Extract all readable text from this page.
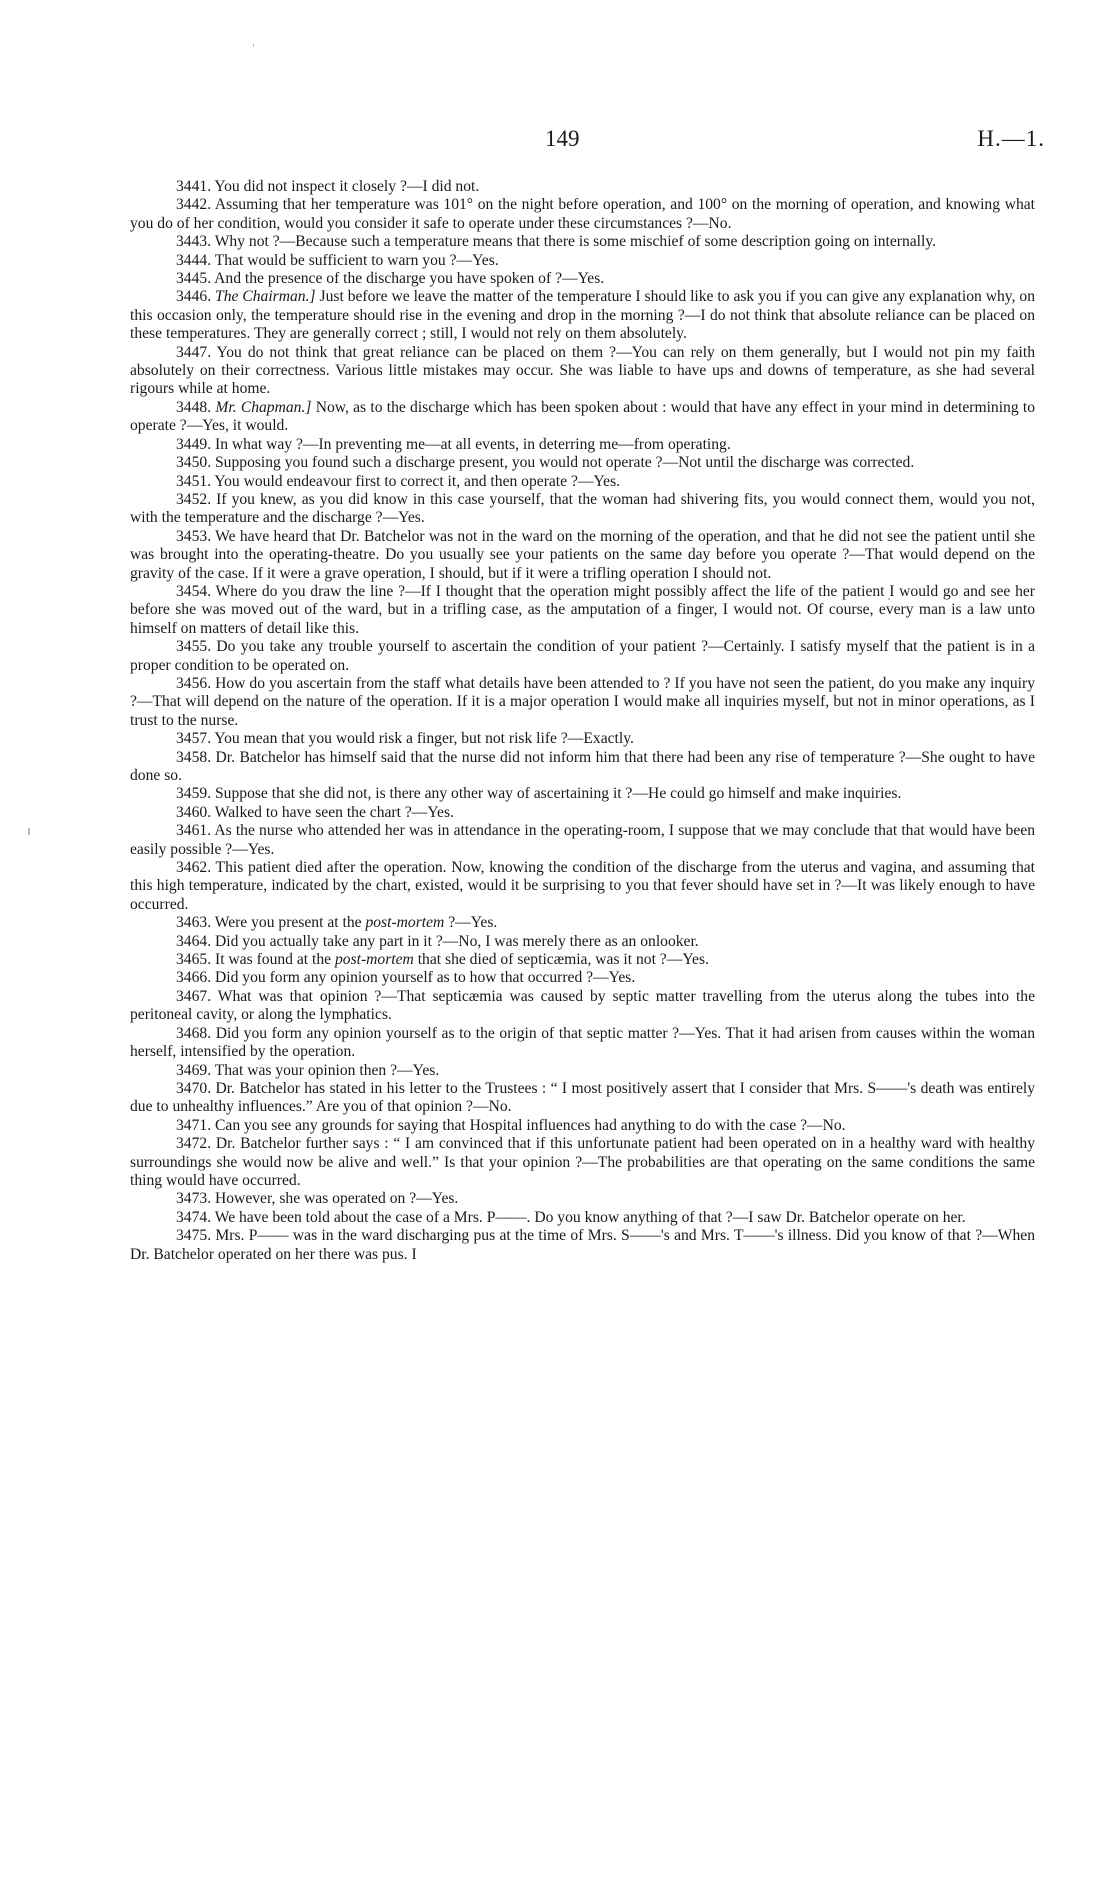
149	H.—1.

3441. You did not inspect it closely ?—I did not.

3442. Assuming that her temperature was 101° on the night before operation, and 100° on the morning of operation, and knowing what you do of her condition, would you consider it safe to operate under these circumstances ?—No.

3443. Why not ?—Because such a temperature means that there is some mischief of some description going on internally.

3444. That would be sufficient to warn you ?—Yes.

3445. And the presence of the discharge you have spoken of ?—Yes.

3446. The Chairman.] Just before we leave the matter of the temperature I should like to ask you if you can give any explanation why, on this occasion only, the temperature should rise in the evening and drop in the morning ?—I do not think that absolute reliance can be placed on these temperatures. They are generally correct ; still, I would not rely on them absolutely.

3447. You do not think that great reliance can be placed on them ?—You can rely on them generally, but I would not pin my faith absolutely on their correctness. Various little mistakes may occur. She was liable to have ups and downs of temperature, as she had several rigours while at home.

3448. Mr. Chapman.] Now, as to the discharge which has been spoken about : would that have any effect in your mind in determining to operate ?—Yes, it would.

3449. In what way ?—In preventing me—at all events, in deterring me—from operating.

3450. Supposing you found such a discharge present, you would not operate ?—Not until the discharge was corrected.

3451. You would endeavour first to correct it, and then operate ?—Yes.

3452. If you knew, as you did know in this case yourself, that the woman had shivering fits, you would connect them, would you not, with the temperature and the discharge ?—Yes.

3453. We have heard that Dr. Batchelor was not in the ward on the morning of the operation, and that he did not see the patient until she was brought into the operating-theatre. Do you usually see your patients on the same day before you operate ?—That would depend on the gravity of the case. If it were a grave operation, I should, but if it were a trifling operation I should not.

3454. Where do you draw the line ?—If I thought that the operation might possibly affect the life of the patient I would go and see her before she was moved out of the ward, but in a trifling case, as the amputation of a finger, I would not. Of course, every man is a law unto himself on matters of detail like this.

3455. Do you take any trouble yourself to ascertain the condition of your patient ?—Certainly. I satisfy myself that the patient is in a proper condition to be operated on.

3456. How do you ascertain from the staff what details have been attended to ? If you have not seen the patient, do you make any inquiry ?—That will depend on the nature of the operation. If it is a major operation I would make all inquiries myself, but not in minor operations, as I trust to the nurse.

3457. You mean that you would risk a finger, but not risk life ?—Exactly.

3458. Dr. Batchelor has himself said that the nurse did not inform him that there had been any rise of temperature ?—She ought to have done so.

3459. Suppose that she did not, is there any other way of ascertaining it ?—He could go himself and make inquiries.

3460. Walked to have seen the chart ?—Yes.

3461. As the nurse who attended her was in attendance in the operating-room, I suppose that we may conclude that that would have been easily possible ?—Yes.

3462. This patient died after the operation. Now, knowing the condition of the discharge from the uterus and vagina, and assuming that this high temperature, indicated by the chart, existed, would it be surprising to you that fever should have set in ?—It was likely enough to have occurred.

3463. Were you present at the post-mortem ?—Yes.

3464. Did you actually take any part in it ?—No, I was merely there as an onlooker.

3465. It was found at the post-mortem that she died of septicæmia, was it not ?—Yes.

3466. Did you form any opinion yourself as to how that occurred ?—Yes.

3467. What was that opinion ?—That septicæmia was caused by septic matter travelling from the uterus along the tubes into the peritoneal cavity, or along the lymphatics.

3468. Did you form any opinion yourself as to the origin of that septic matter ?—Yes. That it had arisen from causes within the woman herself, intensified by the operation.

3469. That was your opinion then ?—Yes.

3470. Dr. Batchelor has stated in his letter to the Trustees : “ I most positively assert that I consider that Mrs. S——'s death was entirely due to unhealthy influences.” Are you of that opinion ?—No.

3471. Can you see any grounds for saying that Hospital influences had anything to do with the case ?—No.

3472. Dr. Batchelor further says : “ I am convinced that if this unfortunate patient had been operated on in a healthy ward with healthy surroundings she would now be alive and well.” Is that your opinion ?—The probabilities are that operating on the same conditions the same thing would have occurred.

3473. However, she was operated on ?—Yes.

3474. We have been told about the case of a Mrs. P——. Do you know anything of that ?—I saw Dr. Batchelor operate on her.

3475. Mrs. P—— was in the ward discharging pus at the time of Mrs. S——'s and Mrs. T——'s illness. Did you know of that ?—When Dr. Batchelor operated on her there was pus. I
